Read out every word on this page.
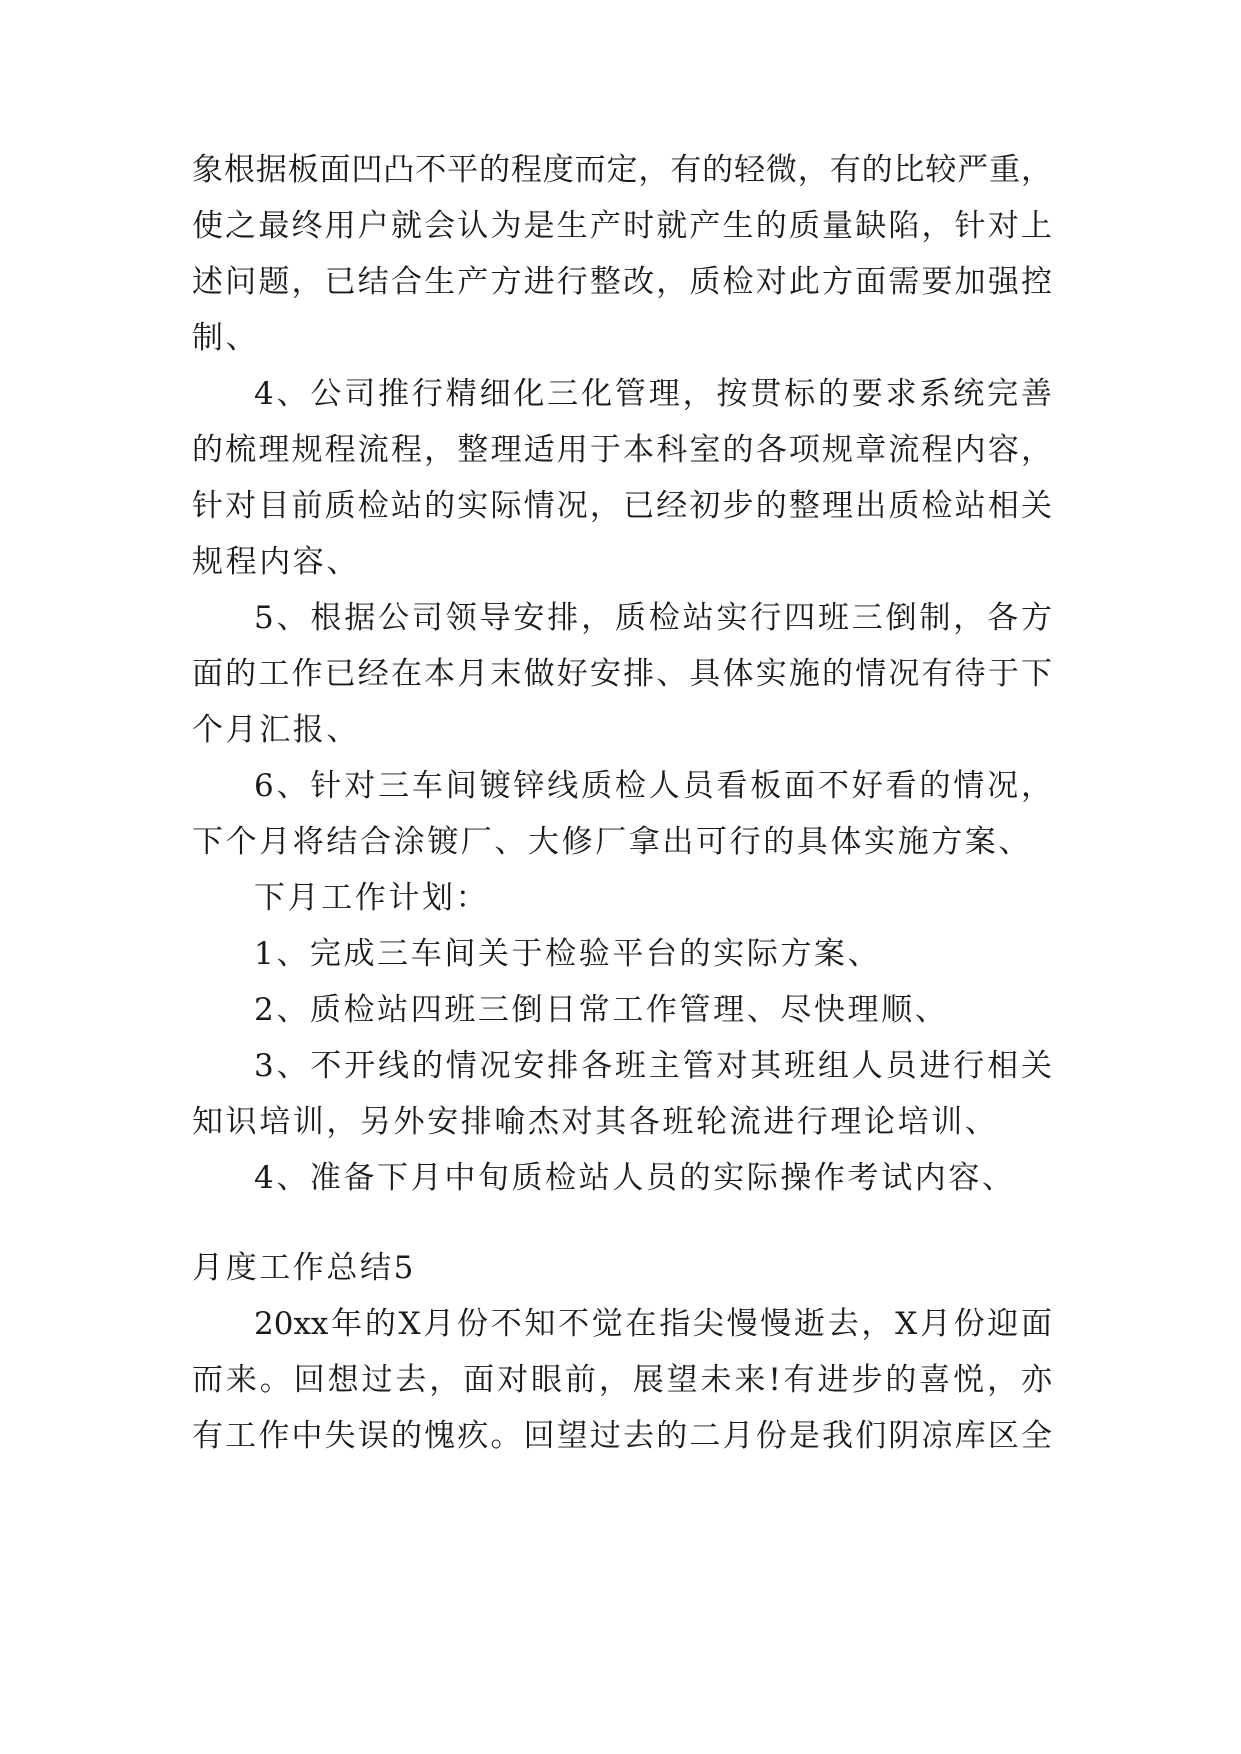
象根据板面凹凸不平的程度而定，有的轻微，有的比较严重，
使之最终用户就会认为是生产时就产生的质量缺陷，针对上
述问题，已结合生产方进行整改，质检对此方面需要加强控
制、
4、公司推行精细化三化管理，按贯标的要求系统完善
的梳理规程流程，整理适用于本科室的各项规章流程内容，
针对目前质检站的实际情况，已经初步的整理出质检站相关
规程内容、
5、根据公司领导安排，质检站实行四班三倒制，各方
面的工作已经在本月末做好安排、具体实施的情况有待于下
个月汇报、
6、针对三车间镀锌线质检人员看板面不好看的情况，
下个月将结合涂镀厂、大修厂拿出可行的具体实施方案、
下月工作计划：
1、完成三车间关于检验平台的实际方案、
2、质检站四班三倒日常工作管理、尽快理顺、
3、不开线的情况安排各班主管对其班组人员进行相关
知识培训，另外安排喻杰对其各班轮流进行理论培训、
4、准备下月中旬质检站人员的实际操作考试内容、
月度工作总结5
20xx年的X月份不知不觉在指尖慢慢逝去，X月份迎面
而来。回想过去，面对眼前，展望未来!有进步的喜悦，亦
有工作中失误的愧疚。回望过去的二月份是我们阴凉库区全
